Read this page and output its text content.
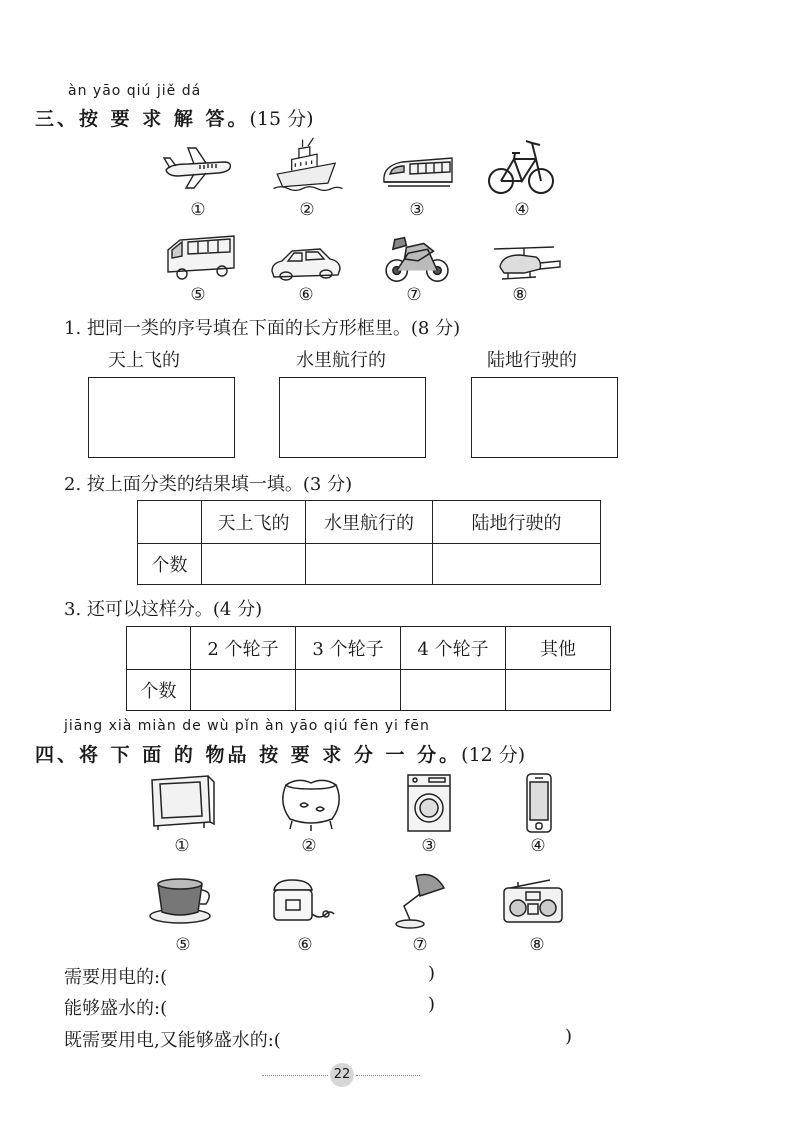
àn yāo qiú jiě dá
三、按 要 求 解 答。(15 分)
①	②	③	④
⑤	⑥	⑦	⑧
1. 把同一类的序号填在下面的长方形框里。(8 分)
天上飞的	水里航行的	陆地行驶的
2. 按上面分类的结果填一填。(3 分)
	天上飞的	水里航行的	陆地行驶的
个数			
3. 还可以这样分。(4 分)
	2 个轮子	3 个轮子	4 个轮子	其他
个数				
jiāng xià miàn de wù pǐn àn yāo qiú fēn yi fēn
四、将 下 面 的 物品 按 要 求 分 一 分。(12 分)
①	②	③	④
⑤	⑥	⑦	⑧
需要用电的:(	)
能够盛水的:(	)
既需要用电,又能够盛水的:(	)
22
